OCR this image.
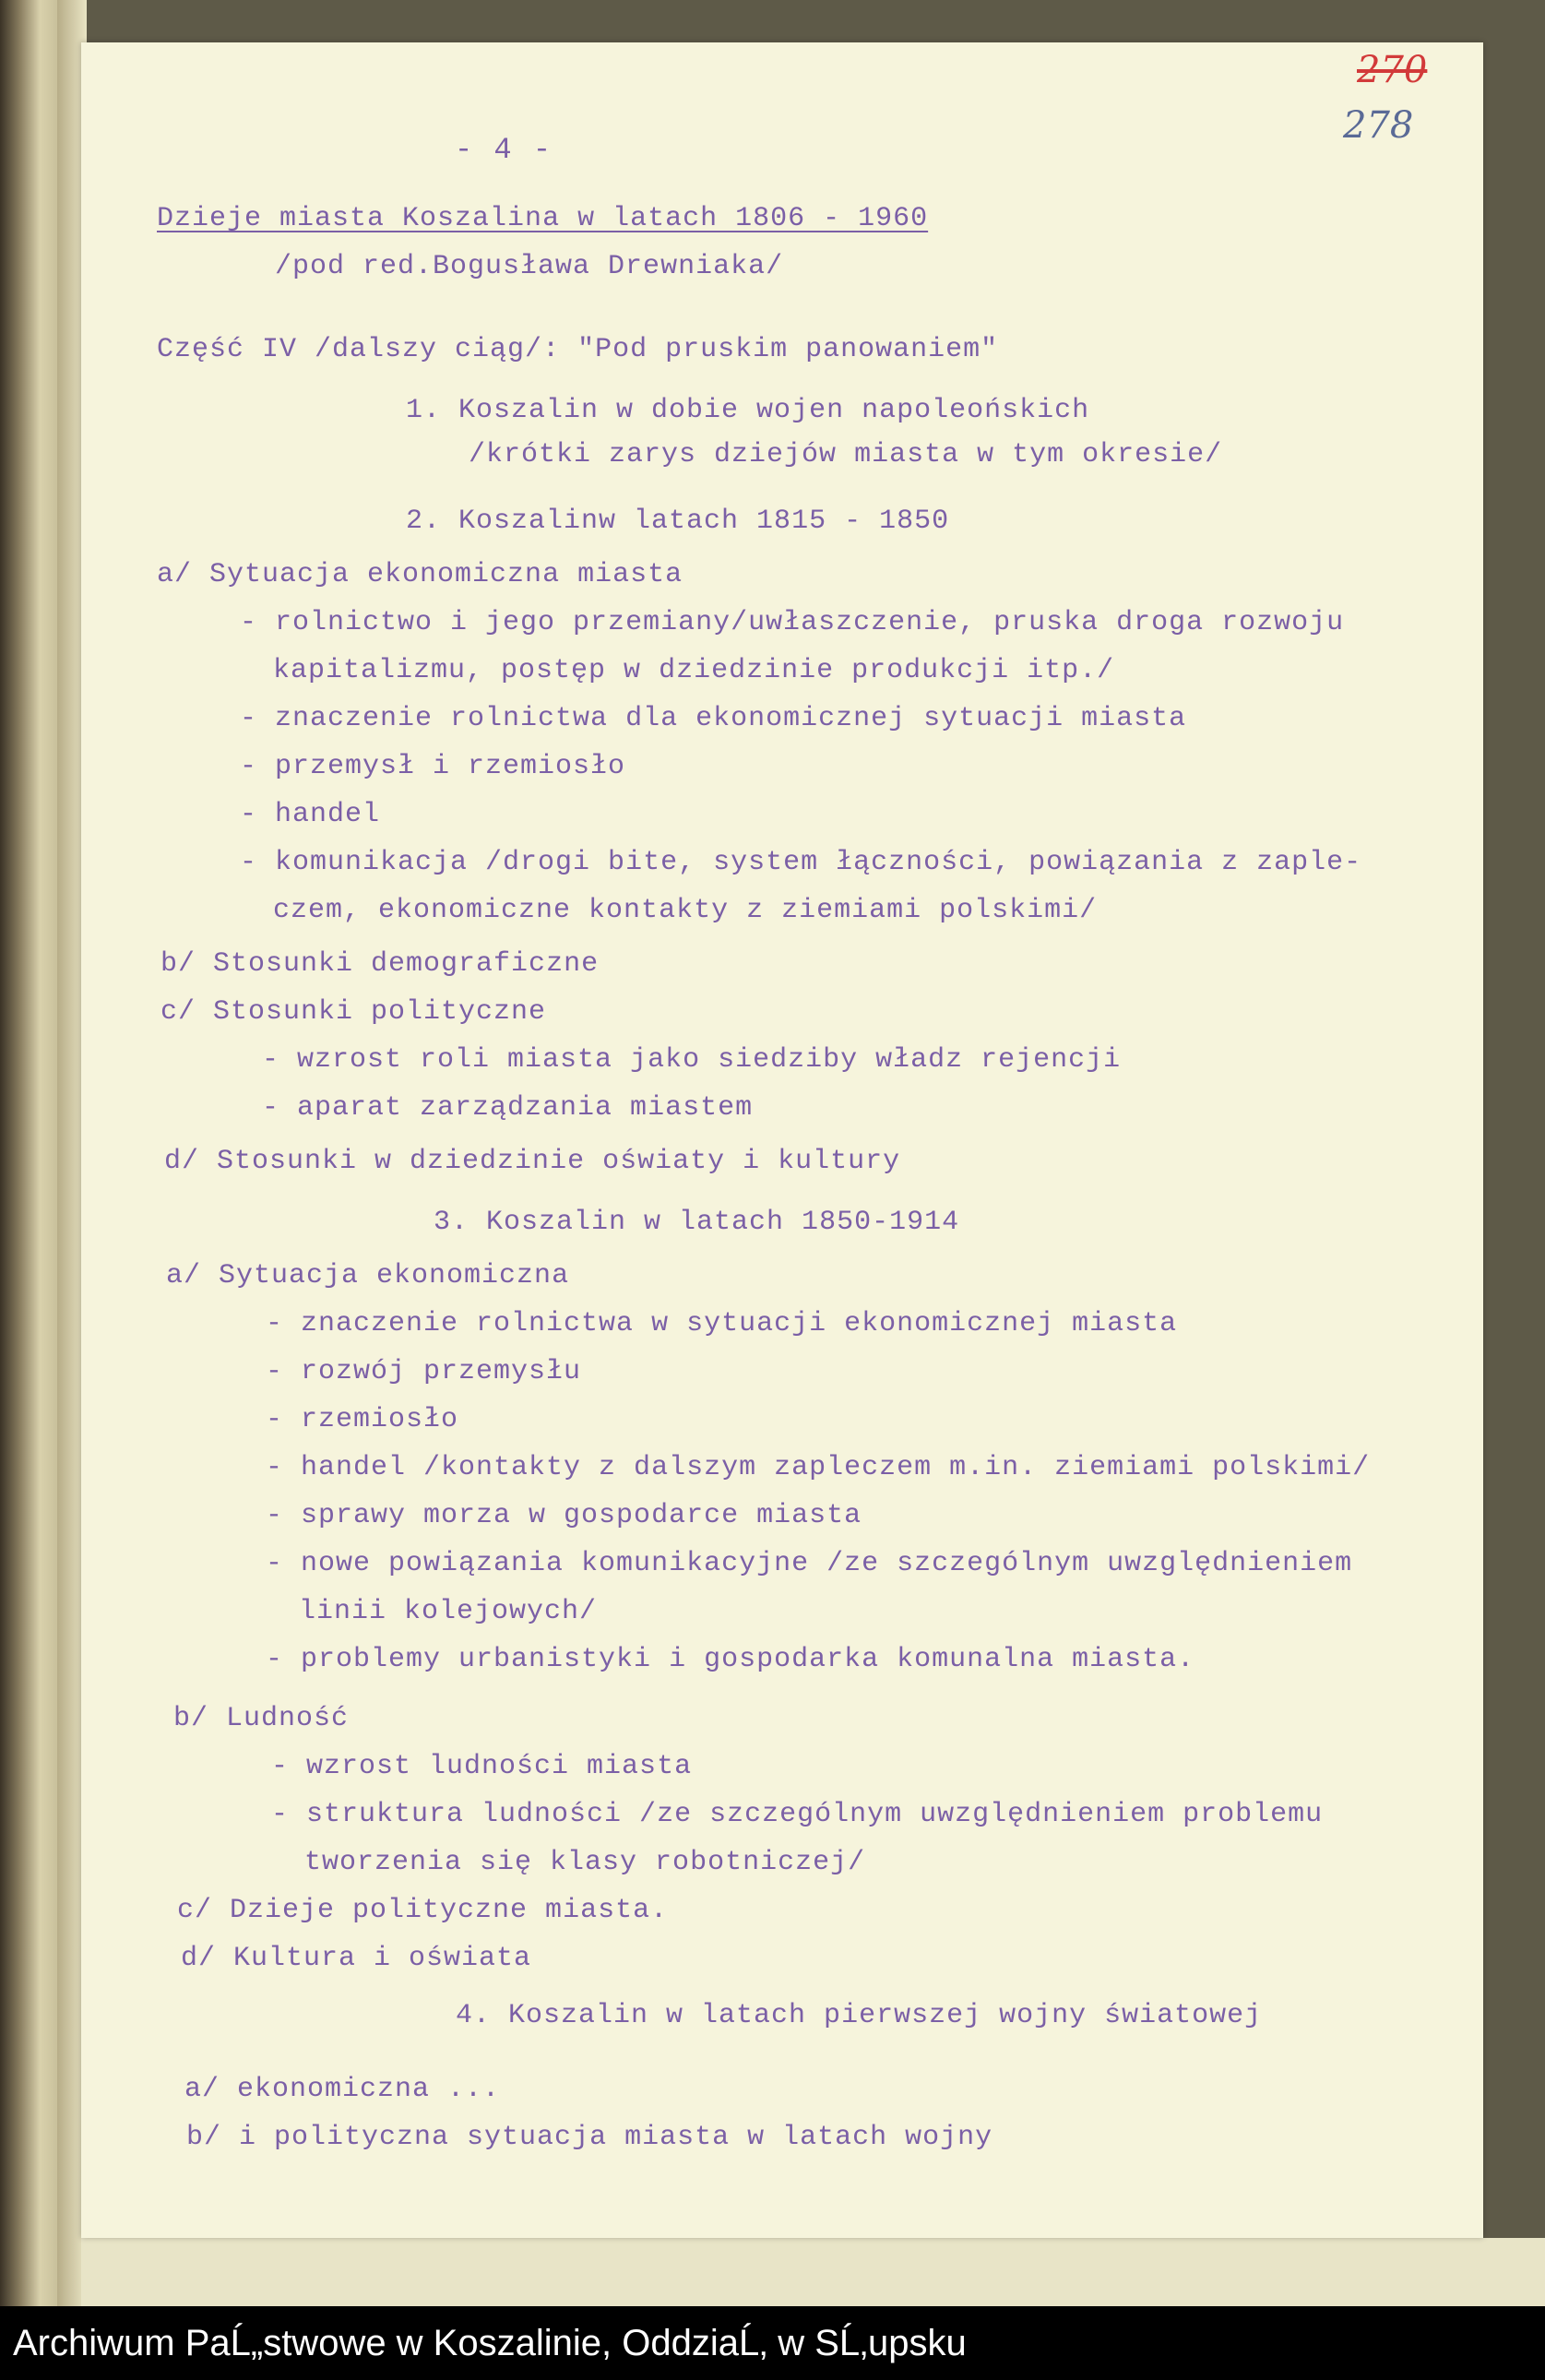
- 4 -
270
278
Dzieje miasta Koszalina w latach 1806 - 1960
/pod red.Bogusława Drewniaka/
Część IV /dalszy ciąg/: "Pod pruskim panowaniem"
1. Koszalin w dobie wojen napoleońskich
/krótki zarys dziejów miasta w tym okresie/
2. Koszalinw latach 1815 - 1850
a/ Sytuacja ekonomiczna miasta
- rolnictwo i jego przemiany/uwłaszczenie, pruska droga rozwoju
kapitalizmu, postęp w dziedzinie produkcji itp./
- znaczenie rolnictwa dla ekonomicznej sytuacji miasta
- przemysł i rzemiosło
- handel
- komunikacja /drogi bite, system łączności, powiązania z zaple-
czem, ekonomiczne kontakty z ziemiami polskimi/
b/ Stosunki demograficzne
c/ Stosunki polityczne
- wzrost roli miasta jako siedziby władz rejencji
- aparat zarządzania miastem
d/ Stosunki w dziedzinie oświaty i kultury
3. Koszalin w latach 1850-1914
a/ Sytuacja ekonomiczna
- znaczenie rolnictwa w sytuacji ekonomicznej miasta
- rozwój przemysłu
- rzemiosło
- handel /kontakty z dalszym zapleczem m.in. ziemiami polskimi/
- sprawy morza w gospodarce miasta
- nowe powiązania komunikacyjne /ze szczególnym uwzględnieniem
linii kolejowych/
- problemy urbanistyki i gospodarka komunalna miasta.
b/ Ludność
- wzrost ludności miasta
- struktura ludności /ze szczególnym uwzględnieniem problemu
tworzenia się klasy robotniczej/
c/ Dzieje polityczne miasta.
d/ Kultura i oświata
4. Koszalin w latach pierwszej wojny światowej
a/ ekonomiczna ...
b/ i polityczna sytuacja miasta w latach wojny
Archiwum PaĹ„stwowe w Koszalinie, OddziaĹ‚ w SĹ‚upsku
